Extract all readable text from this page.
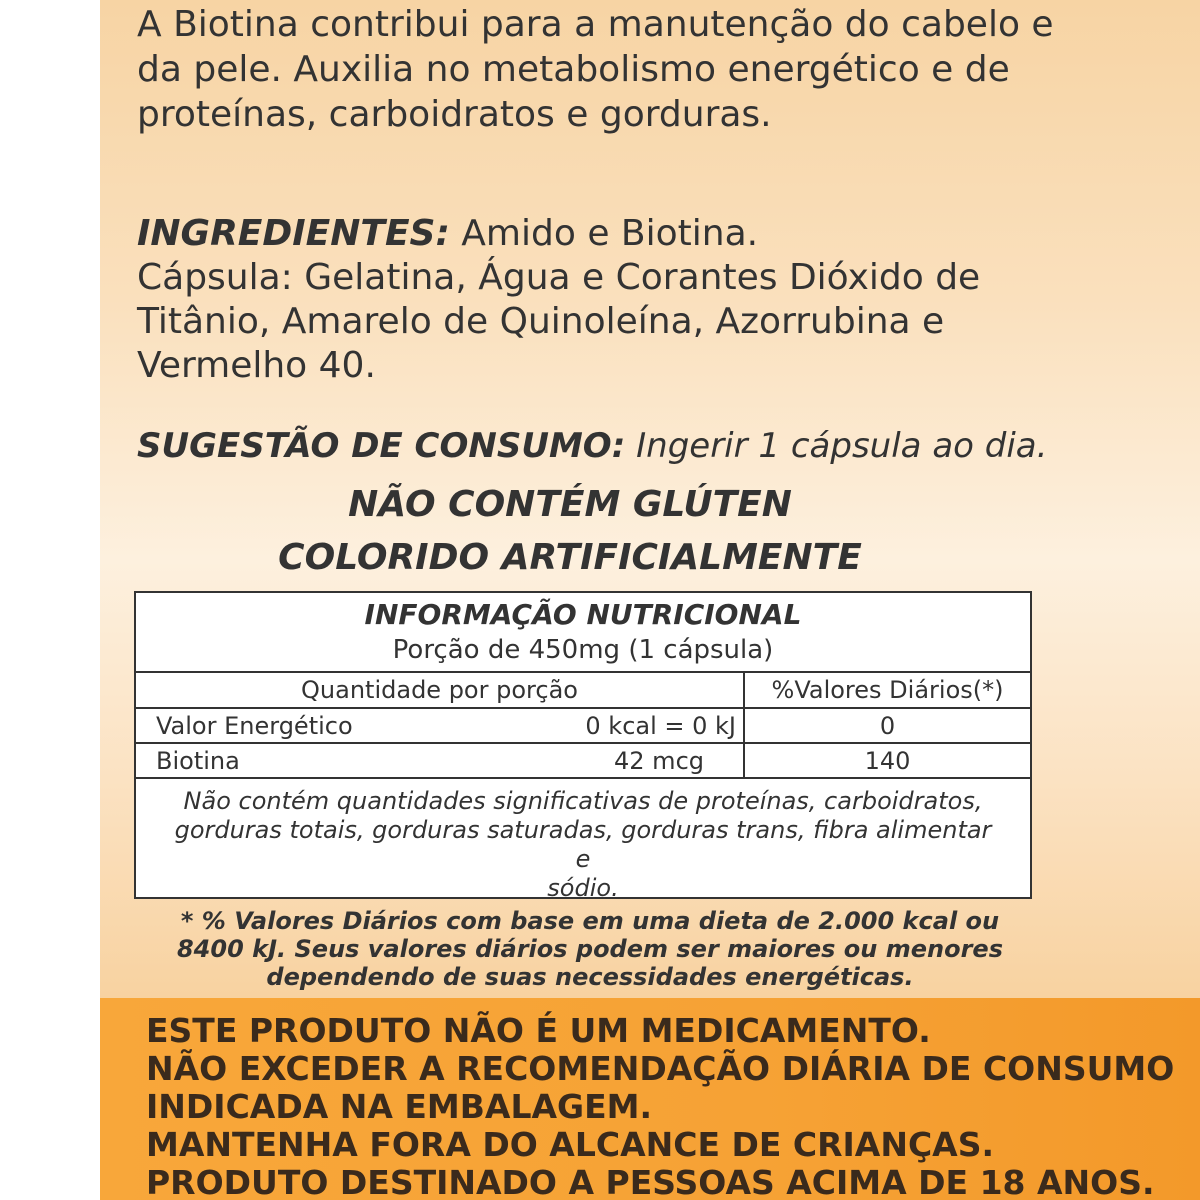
A Biotina contribui para a manutenção do cabelo e
da pele. Auxilia no metabolismo energético e de
proteínas, carboidratos e gorduras.

INGREDIENTES: Amido e Biotina.
Cápsula: Gelatina, Água e Corantes Dióxido de
Titânio, Amarelo de Quinoleína, Azorrubina e
Vermelho 40.

SUGESTÃO DE CONSUMO: Ingerir 1 cápsula ao dia.

NÃO CONTÉM GLÚTEN

COLORIDO ARTIFICIALMENTE

INFORMAÇÃO NUTRICIONAL
Porção de 450mg (1 cápsula)
Quantidade por porção	%Valores Diários(*)
Valor Energético 0 kcal = 0 kJ	0
Biotina 42 mcg	140
Não contém quantidades significativas de proteínas, carboidratos,
gorduras totais, gorduras saturadas, gorduras trans, fibra alimentar e
sódio.

* % Valores Diários com base em uma dieta de 2.000 kcal ou
8400 kJ. Seus valores diários podem ser maiores ou menores
dependendo de suas necessidades energéticas.

ESTE PRODUTO NÃO É UM MEDICAMENTO.
NÃO EXCEDER A RECOMENDAÇÃO DIÁRIA DE CONSUMO
INDICADA NA EMBALAGEM.
MANTENHA FORA DO ALCANCE DE CRIANÇAS.
PRODUTO DESTINADO A PESSOAS ACIMA DE 18 ANOS.
